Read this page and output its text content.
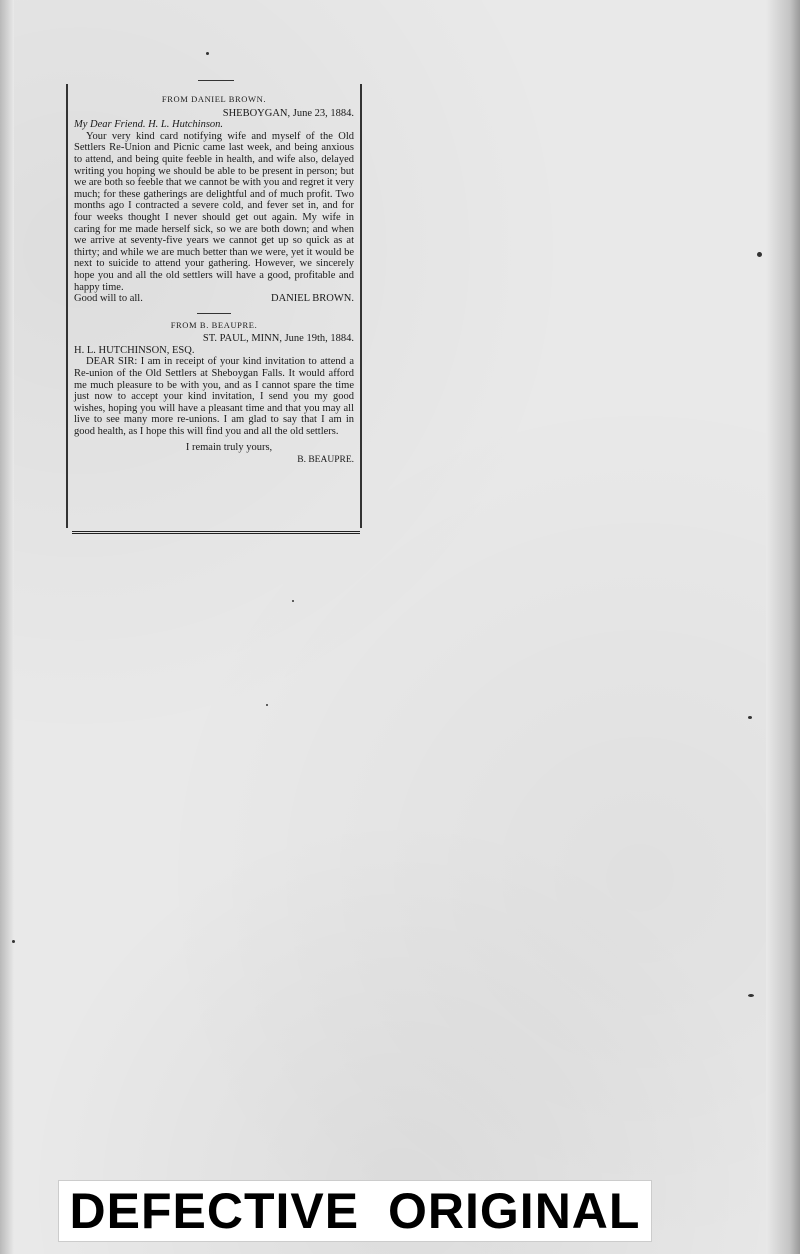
FROM DANIEL BROWN.
SHEBOYGAN, June 23, 1884.
My Dear Friend. H. L. Hutchinson.

Your very kind card notifying wife and myself of the Old Settlers Re-Union and Picnic came last week, and being anxious to attend, and being quite feeble in health, and wife also, delayed writing you hoping we should be able to be present in person; but we are both so feeble that we cannot be with you and regret it very much; for these gatherings are delightful and of much profit. Two months ago I contracted a severe cold, and fever set in, and for four weeks thought I never should get out again. My wife in caring for me made herself sick, so we are both down; and when we arrive at seventy-five years we cannot get up so quick as at thirty; and while we are much better than we were, yet it would be next to suicide to attend your gathering. However, we sincerely hope you and all the old settlers will have a good, profitable and happy time.

Good will to all.	DANIEL BROWN.
FROM B. BEAUPRE.
ST. PAUL, MINN, June 19th, 1884.
H. L. HUTCHINSON, ESQ.

DEAR SIR: I am in receipt of your kind invitation to attend a Re-union of the Old Settlers at Sheboygan Falls. It would afford me much pleasure to be with you, and as I cannot spare the time just now to accept your kind invitation, I send you my good wishes, hoping you will have a pleasant time and that you may all live to see many more re-unions. I am glad to say that I am in good health, as I hope this will find you and all the old settlers.

I remain truly yours,
B. BEAUPRE.
DEFECTIVE ORIGINAL
